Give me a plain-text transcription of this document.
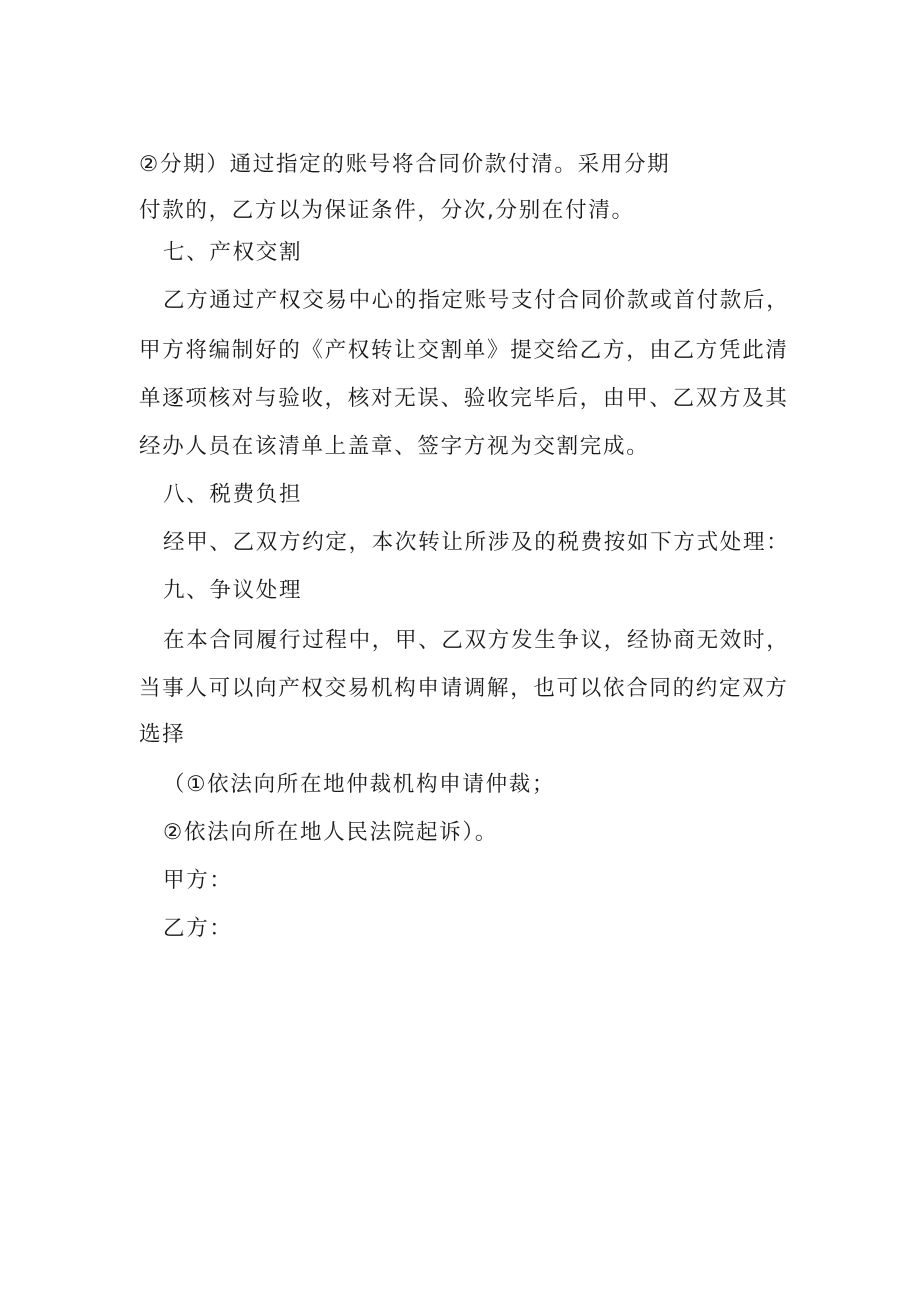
②分期）通过指定的账号将合同价款付清。采用分期
付款的，乙方以为保证条件，分次,分别在付清。
七、产权交割
乙方通过产权交易中心的指定账号支付合同价款或首付款后，
甲方将编制好的《产权转让交割单》提交给乙方，由乙方凭此清
单逐项核对与验收，核对无误、验收完毕后，由甲、乙双方及其
经办人员在该清单上盖章、签字方视为交割完成。
八、税费负担
经甲、乙双方约定，本次转让所涉及的税费按如下方式处理：
九、争议处理
在本合同履行过程中，甲、乙双方发生争议，经协商无效时，
当事人可以向产权交易机构申请调解，也可以依合同的约定双方
选择
（①依法向所在地仲裁机构申请仲裁；
②依法向所在地人民法院起诉）。
甲方：
乙方：
